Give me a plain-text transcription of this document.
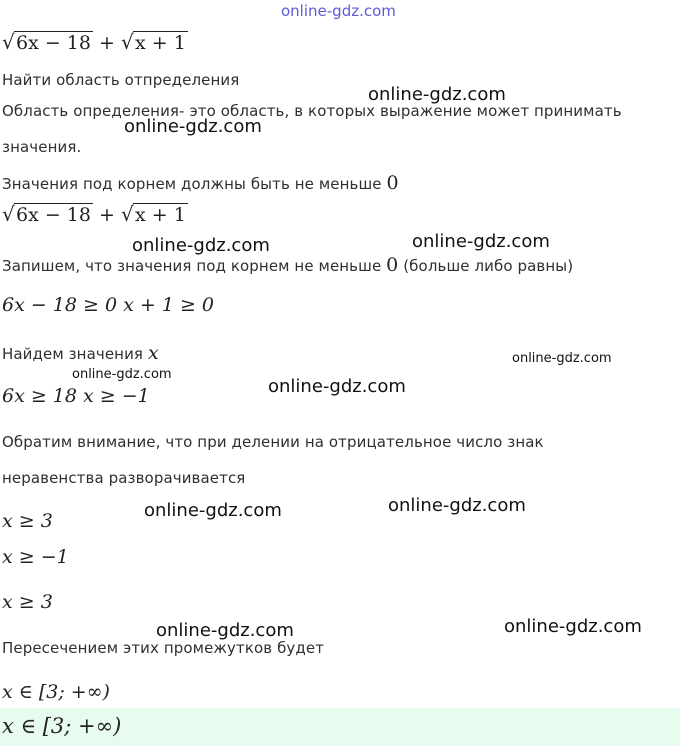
online-gdz.com
√ 6x − 18 + √ x + 1
Найти область отпределения
online-gdz.com
Область определения- это область, в которых выражение может принимать
online-gdz.com
значения.
Значения под корнем должны быть не меньше 0
√ 6x − 18 + √ x + 1
online-gdz.com	online-gdz.com
Запишем, что значения под корнем не меньше 0 (больше либо равны)
6x − 18 ≥ 0 x + 1 ≥ 0
Найдем значения x	online-gdz.com
online-gdz.com
6x ≥ 18 x ≥ −1	online-gdz.com
Обратим внимание, что при делении на отрицательное число знак
неравенства разворачивается
online-gdz.com
online-gdz.com
x ≥ 3
x ≥ −1
x ≥ 3
online-gdz.com	online-gdz.com
Пересечением этих промежутков будет
x ∈ [3; +∞)
x ∈ [3; +∞)
